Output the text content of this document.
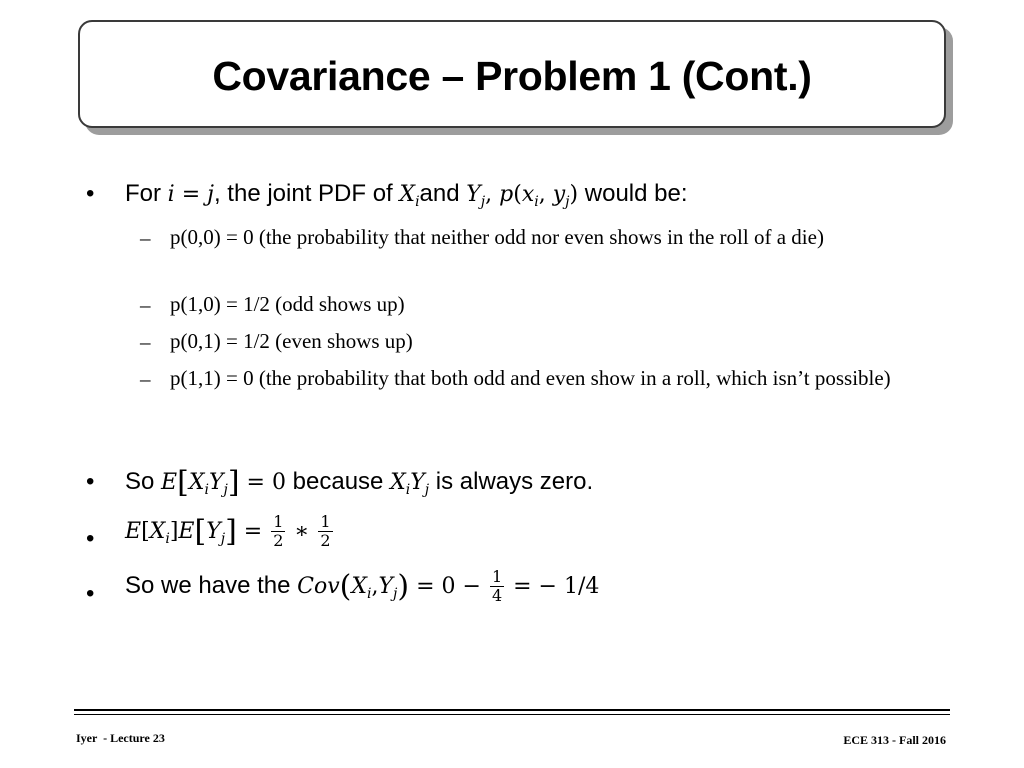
Covariance – Problem 1 (Cont.)
• For i = j, the joint PDF of $X_iand$ $Y_j$, $p(x_i$, $y_j$) would be:
– p(0,0) = 0 (the probability that neither odd nor even shows in the roll of a die)
– p(1,0) = 1/2 (odd shows up)
– p(0,1) = 1/2 (even shows up)
– p(1,1) = 0 (the probability that both odd and even show in a roll, which isn’t possible)
• So $E[X_iY_j] = 0$ because $X_iY_j$ is always zero.
• $E[X_i]E[Y_j] = \frac{1}{2}$ ∗ $\frac{1}{2}$
• So we have the $Cov(X_i,Y_j) = 0 - \frac{1}{4}$ = − 1/4
Iyer  - Lecture 23	ECE 313 - Fall 2016
